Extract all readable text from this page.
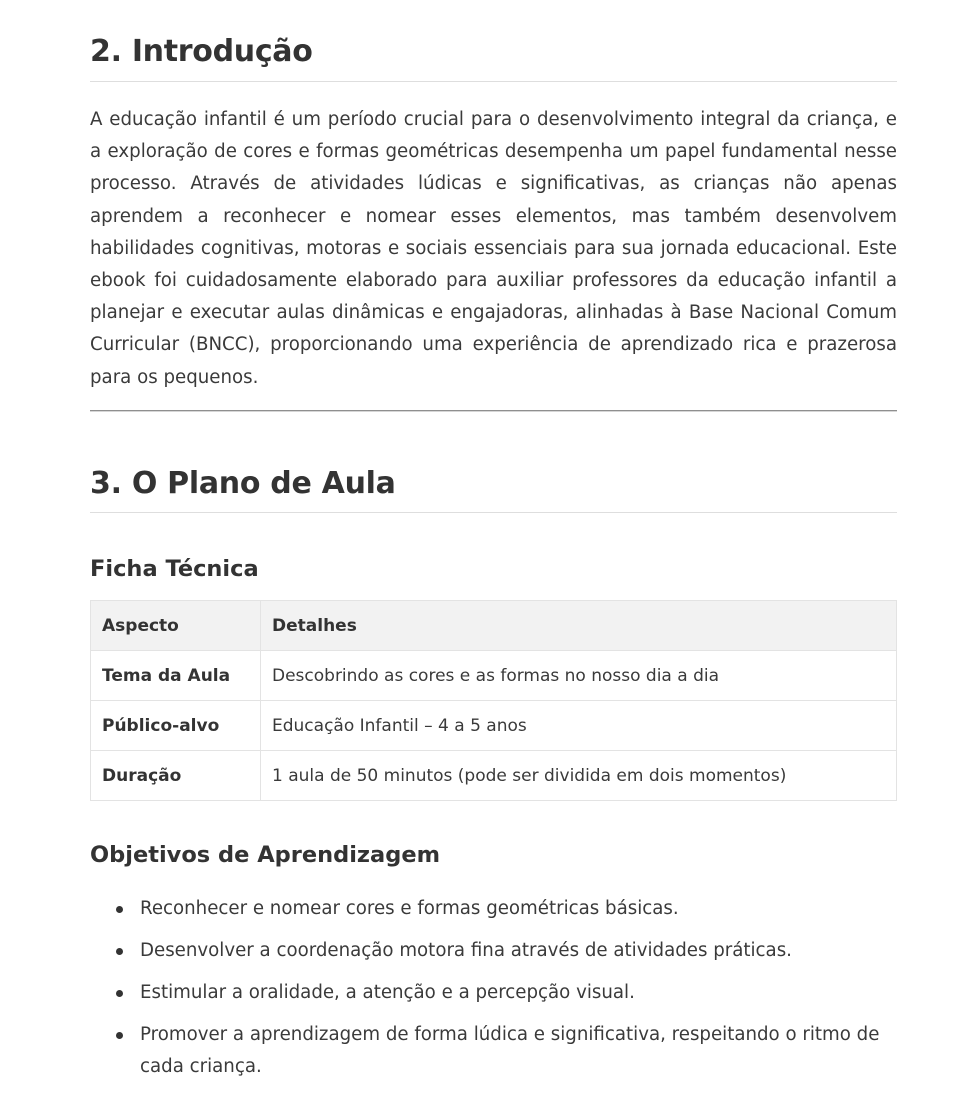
2. Introdução

A educação infantil é um período crucial para o desenvolvimento integral da criança, e a exploração de cores e formas geométricas desempenha um papel fundamental nesse processo. Através de atividades lúdicas e significativas, as crianças não apenas aprendem a reconhecer e nomear esses elementos, mas também desenvolvem habilidades cognitivas, motoras e sociais essenciais para sua jornada educacional. Este ebook foi cuidadosamente elaborado para auxiliar professores da educação infantil a planejar e executar aulas dinâmicas e engajadoras, alinhadas à Base Nacional Comum Curricular (BNCC), proporcionando uma experiência de aprendizado rica e prazerosa para os pequenos.

3. O Plano de Aula
Ficha Técnica
Aspecto	Detalhes
Tema da Aula	Descobrindo as cores e as formas no nosso dia a dia
Público-alvo	Educação Infantil – 4 a 5 anos
Duração	1 aula de 50 minutos (pode ser dividida em dois momentos)
Objetivos de Aprendizagem
Reconhecer e nomear cores e formas geométricas básicas.
Desenvolver a coordenação motora fina através de atividades práticas.
Estimular a oralidade, a atenção e a percepção visual.
Promover a aprendizagem de forma lúdica e significativa, respeitando o ritmo de cada criança.
